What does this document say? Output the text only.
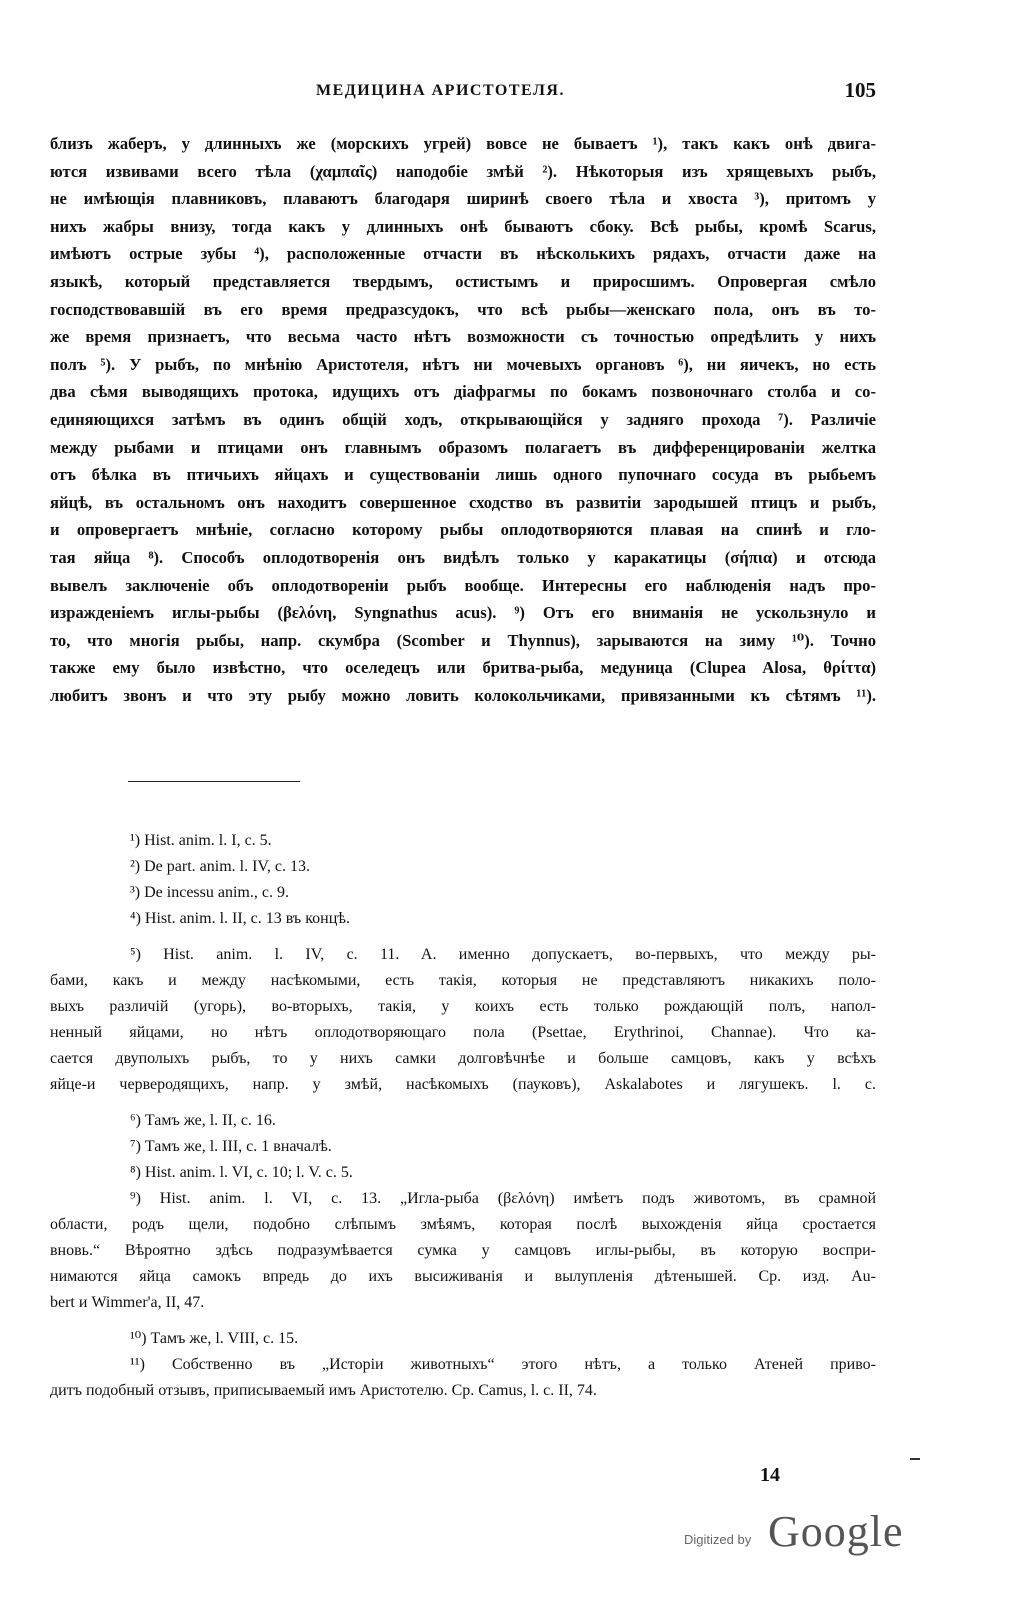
МЕДИЦИНА АРИСТОТЕЛЯ.	105
близъ жаберъ, у длинныхъ же (морскихъ угрей) вовсе не бываетъ ¹), такъ какъ онѣ двига-
ются извивами всего тѣла (χαμπαῖς) наподобіе змѣй ²). Нѣкоторыя изъ хрящевыхъ рыбъ,
не имѣющія плавниковъ, плаваютъ благодаря ширинѣ своего тѣла и хвоста ³), притомъ у
нихъ жабры внизу, тогда какъ у длинныхъ онѣ бываютъ сбоку. Всѣ рыбы, кромѣ Scarus,
имѣютъ острые зубы ⁴), расположенные отчасти въ нѣсколькихъ рядахъ, отчасти даже на
языкѣ, который представляется твердымъ, остистымъ и приросшимъ. Опровергая смѣло
господствовавшій въ его время предразсудокъ, что всѣ рыбы—женскаго пола, онъ въ то-
же время признаетъ, что весьма часто нѣтъ возможности съ точностью опредѣлить у нихъ
полъ ⁵). У рыбъ, по мнѣнію Аристотеля, нѣтъ ни мочевыхъ органовъ ⁶), ни яичекъ, но есть
два сѣмя выводящихъ протока, идущихъ отъ діафрагмы по бокамъ позвоночнаго столба и со-
единяющихся затѣмъ въ одинъ общій ходъ, открывающійся у задняго прохода ⁷). Различіе
между рыбами и птицами онъ главнымъ образомъ полагаетъ въ дифференцированіи желтка
отъ бѣлка въ птичьихъ яйцахъ и существованіи лишь одного пупочнаго сосуда въ рыбьемъ
яйцѣ, въ остальномъ онъ находитъ совершенное сходство въ развитіи зародышей птицъ и рыбъ,
и опровергаетъ мнѣніе, согласно которому рыбы оплодотворяются плавая на спинѣ и гло-
тая яйца ⁸). Способъ оплодотворенія онъ видѣлъ только у каракатицы (σήπια) и отсюда
вывелъ заключеніе объ оплодотвореніи рыбъ вообще. Интересны его наблюденія надъ про-
изражденіемъ иглы-рыбы (βελόνη, Syngnathus acus). ⁹) Отъ его вниманія не ускользнуло и
то, что многія рыбы, напр. скумбра (Scomber и Thynnus), зарываются на зиму ¹⁰). Точно
также ему было извѣстно, что оселедецъ или бритва-рыба, медуница (Clupea Alosa, θρίττα)
любитъ звонъ и что эту рыбу можно ловить колокольчиками, привязанными къ сѣтямъ ¹¹).
¹) Hist. anim. l. I, c. 5.
²) De part. anim. l. IV, c. 13.
³) De incessu anim., c. 9.
⁴) Hist. anim. l. II, c. 13 въ концѣ.
⁵) Hist. anim. l. IV, c. 11. A. именно допускаетъ, во-первыхъ, что между ры-
бами, какъ и между насѣкомыми, есть такія, которыя не представляютъ никакихъ поло-
выхъ различій (угорь), во-вторыхъ, такія, у коихъ есть только рождающій полъ, напол-
ненный яйцами, но нѣтъ оплодотворяющаго пола (Psettae, Erythrinoi, Channae). Что ка-
сается двуполыхъ рыбъ, то у нихъ самки долговѣчнѣе и больше самцовъ, какъ у всѣхъ
яйце-и черверодящихъ, напр. у змѣй, насѣкомыхъ (пауковъ), Askalabotes и лягушекъ. l. c.
⁶) Тамъ же, l. II, c. 16.
⁷) Тамъ же, l. III, c. 1 вначалѣ.
⁸) Hist. anim. l. VI, c. 10; l. V. c. 5.
⁹) Hist. anim. l. VI, c. 13. „Игла-рыба (βελόνη) имѣетъ подъ животомъ, въ срамной
области, родъ щели, подобно слѣпымъ змѣямъ, которая послѣ выхожденія яйца сростается
вновь.“ Вѣроятно здѣсь подразумѣвается сумка у самцовъ иглы-рыбы, въ которую воспри-
нимаются яйца самокъ впредь до ихъ высиживанія и вылупленія дѣтенышей. Ср. изд. Au-
bert и Wimmer'a, II, 47.
¹⁰) Тамъ же, l. VIII, c. 15.
¹¹) Собственно въ „Исторіи животныхъ“ этого нѣтъ, а только Атеней приво-
дитъ подобный отзывъ, приписываемый имъ Аристотелю. Ср. Camus, l. c. II, 74.
14
Digitized by Google
